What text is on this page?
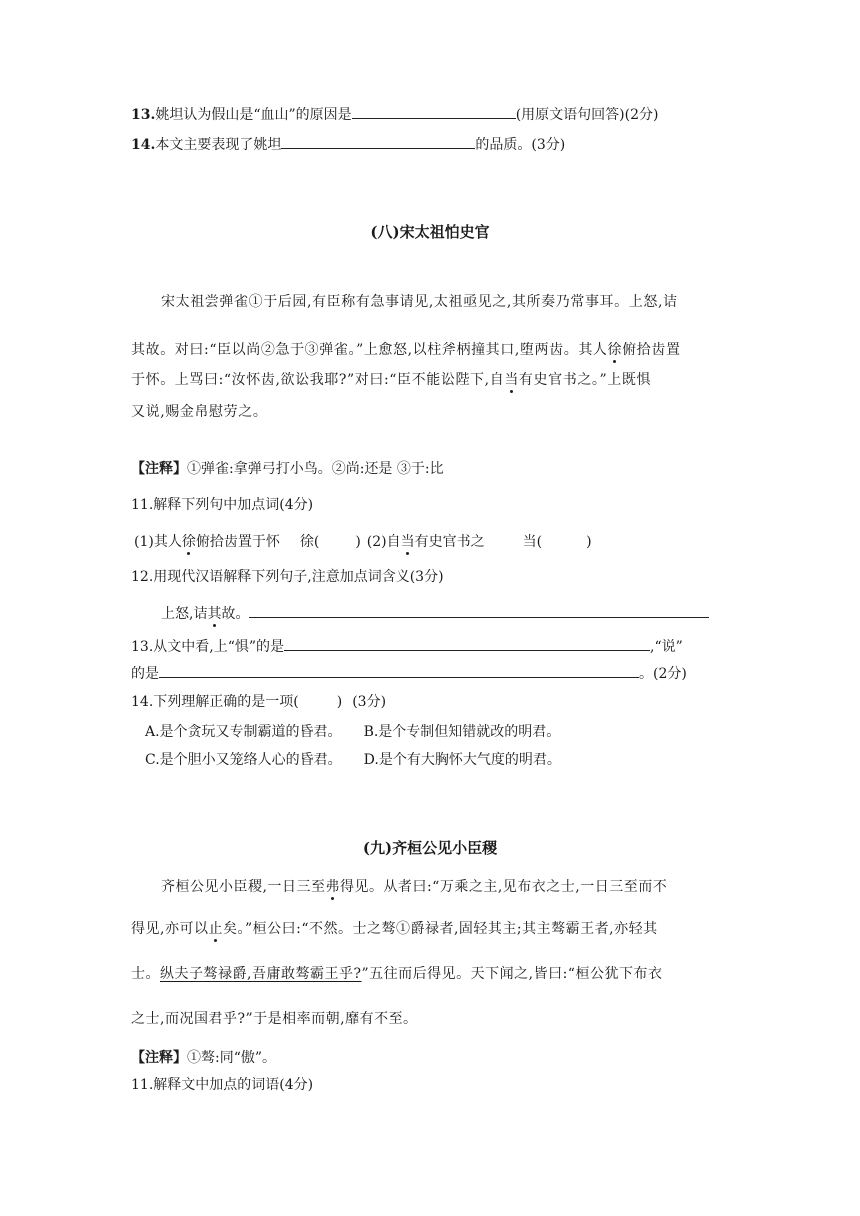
13.姚坦认为假山是“血山”的原因是	(用原文语句回答)(2分)
14.本文主要表现了姚坦	的品质。(3分)
(八)宋太祖怕史官
宋太祖尝弹雀①于后园,有臣称有急事请见,太祖亟见之,其所奏乃常事耳。上怒,诘
其故。对曰:“臣以尚②急于③弹雀。”上愈怒,以柱斧柄撞其口,堕两齿。其人徐俯拾齿置
于怀。上骂曰:“汝怀齿,欲讼我耶?”对曰:“臣不能讼陛下,自当有史官书之。”上既惧
又说,赐金帛慰劳之。
【注释】①弹雀:拿弹弓打小鸟。②尚:还是 ③于:比
11.解释下列句中加点词(4分)
(1)其人徐俯拾齿置于怀 徐(	) (2)自当有史官书之	当(	)
12.用现代汉语解释下列句子,注意加点词含义(3分)
上怒,诘其故。
13.从文中看,上“惧”的是	,“说”
的是	。(2分)
14.下列理解正确的是一项(	) (3分)
A.是个贪玩又专制霸道的昏君。 B.是个专制但知错就改的明君。
C.是个胆小又笼络人心的昏君。 D.是个有大胸怀大气度的明君。
(九)齐桓公见小臣稷
齐桓公见小臣稷,一日三至弗得见。从者曰:“万乘之主,见布衣之士,一日三至而不
得见,亦可以止矣。”桓公曰:“不然。士之骜①爵禄者,固轻其主;其主骜霸王者,亦轻其
士。纵夫子骜禄爵,吾庸敢骜霸王乎?”五往而后得见。天下闻之,皆曰:“桓公犹下布衣
之士,而况国君乎?”于是相率而朝,靡有不至。
【注释】①骜:同“傲”。
11.解释文中加点的词语(4分)
